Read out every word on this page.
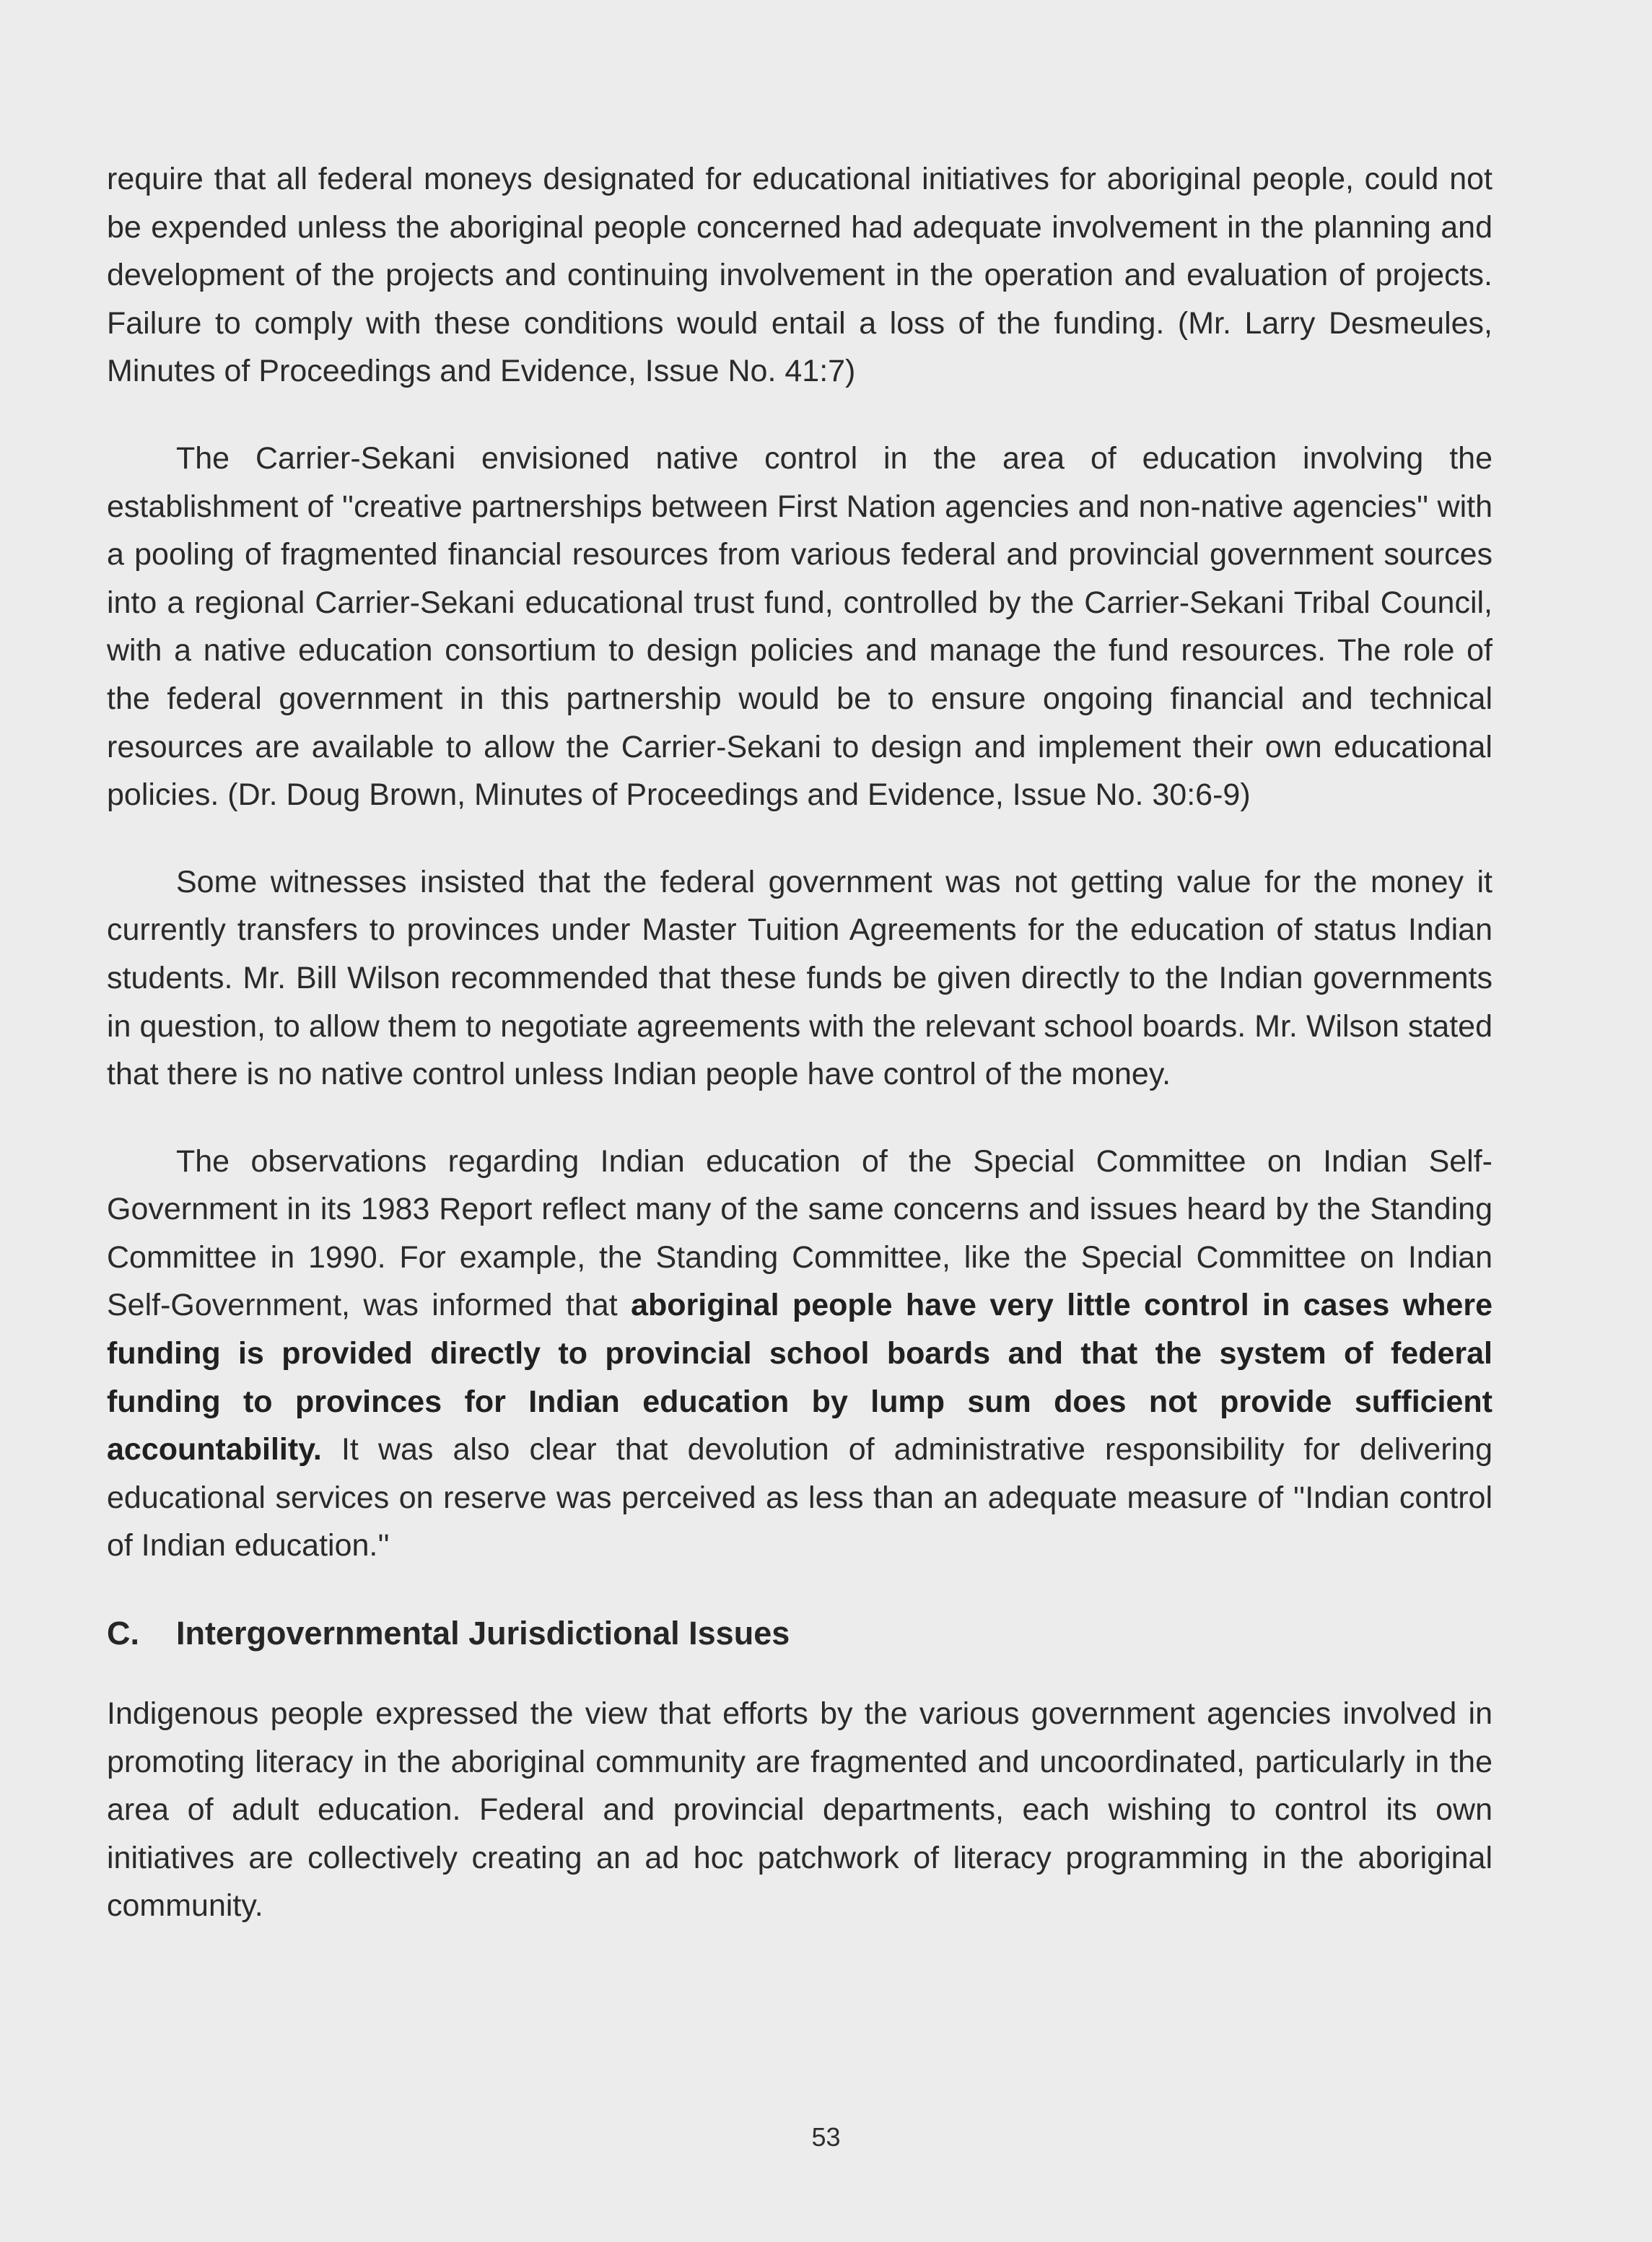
require that all federal moneys designated for educational initiatives for aboriginal people, could not be expended unless the aboriginal people concerned had adequate involvement in the planning and development of the projects and continuing involvement in the operation and evaluation of projects. Failure to comply with these conditions would entail a loss of the funding. (Mr. Larry Desmeules, Minutes of Proceedings and Evidence, Issue No. 41:7)

The Carrier-Sekani envisioned native control in the area of education involving the establishment of ''creative partnerships between First Nation agencies and non-native agencies'' with a pooling of fragmented financial resources from various federal and provincial government sources into a regional Carrier-Sekani educational trust fund, controlled by the Carrier-Sekani Tribal Council, with a native education consortium to design policies and manage the fund resources. The role of the federal government in this partnership would be to ensure ongoing financial and technical resources are available to allow the Carrier-Sekani to design and implement their own educational policies. (Dr. Doug Brown, Minutes of Proceedings and Evidence, Issue No. 30:6-9)

Some witnesses insisted that the federal government was not getting value for the money it currently transfers to provinces under Master Tuition Agreements for the education of status Indian students. Mr. Bill Wilson recommended that these funds be given directly to the Indian governments in question, to allow them to negotiate agreements with the relevant school boards. Mr. Wilson stated that there is no native control unless Indian people have control of the money.

The observations regarding Indian education of the Special Committee on Indian Self-Government in its 1983 Report reflect many of the same concerns and issues heard by the Standing Committee in 1990. For example, the Standing Committee, like the Special Committee on Indian Self-Government, was informed that aboriginal people have very little control in cases where funding is provided directly to provincial school boards and that the system of federal funding to provinces for Indian education by lump sum does not provide sufficient accountability. It was also clear that devolution of administrative responsibility for delivering educational services on reserve was perceived as less than an adequate measure of ''Indian control of Indian education.''

C.	Intergovernmental Jurisdictional Issues

Indigenous people expressed the view that efforts by the various government agencies involved in promoting literacy in the aboriginal community are fragmented and uncoordinated, particularly in the area of adult education. Federal and provincial departments, each wishing to control its own initiatives are collectively creating an ad hoc patchwork of literacy programming in the aboriginal community.

53
